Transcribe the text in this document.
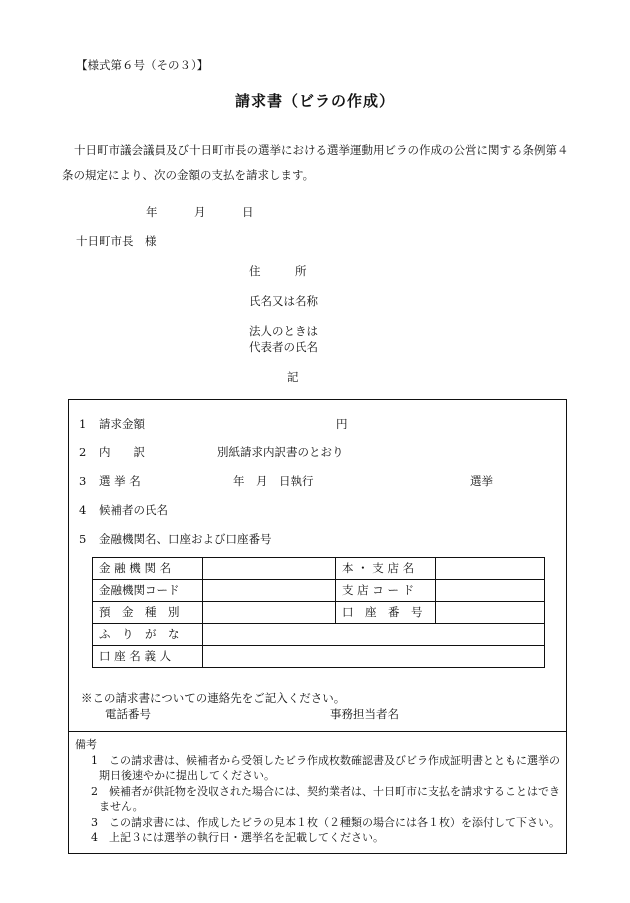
【様式第６号（その３）】
請求書（ビラの作成）
十日町市議会議員及び十日町市長の選挙における選挙運動用ビラの作成の公営に関する条例第４条の規定により、次の金額の支払を請求します。
年	月	日
十日町市長　様
住　　　所
氏名又は名称
法人のときは
代表者の氏名
記
1 請求金額	円
2 内　　訳	別紙請求内訳書のとおり
3 選 挙 名	年　月　日執行	選挙
4 候補者の氏名
5 金融機関名、口座および口座番号
金 融 機 関 名		本 ・ 支 店 名	
金融機関コード		支 店 コ ー ド	
預　金　種　別		口　座　番　号	
ふ　り　が　な			
口 座 名 義 人			
※この請求書についての連絡先をご記入ください。
電話番号	事務担当者名
備考
1　この請求書は、候補者から受領したビラ作成枚数確認書及びビラ作成証明書とともに選挙の期日後速やかに提出してください。
2　候補者が供託物を没収された場合には、契約業者は、十日町市に支払を請求することはできません。
3　この請求書には、作成したビラの見本１枚（２種類の場合には各１枚）を添付して下さい。
4　上記３には選挙の執行日・選挙名を記載してください。
